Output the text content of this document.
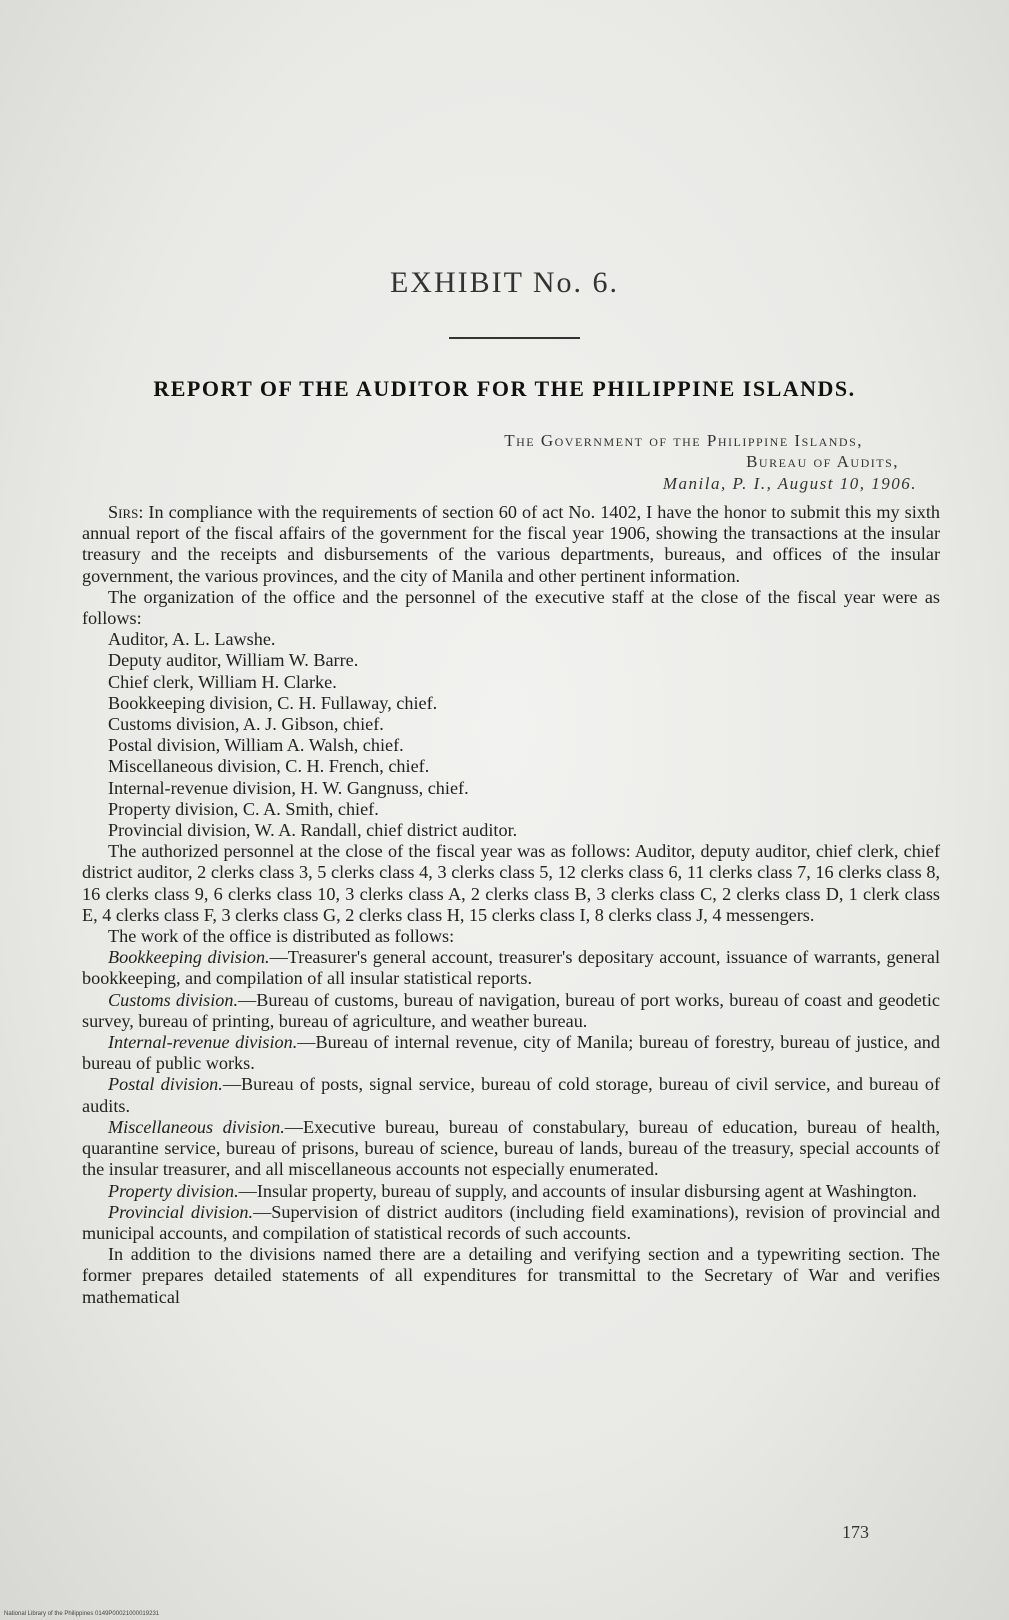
EXHIBIT No. 6.
REPORT OF THE AUDITOR FOR THE PHILIPPINE ISLANDS.
The Government of the Philippine Islands,
Bureau of Audits,
Manila, P. I., August 10, 1906.

Sirs: In compliance with the requirements of section 60 of act No. 1402, I have the honor to submit this my sixth annual report of the fiscal affairs of the government for the fiscal year 1906, showing the transactions at the insular treasury and the receipts and disbursements of the various departments, bureaus, and offices of the insular government, the various provinces, and the city of Manila and other pertinent information.

The organization of the office and the personnel of the executive staff at the close of the fiscal year were as follows:

Auditor, A. L. Lawshe.
Deputy auditor, William W. Barre.
Chief clerk, William H. Clarke.
Bookkeeping division, C. H. Fullaway, chief.
Customs division, A. J. Gibson, chief.
Postal division, William A. Walsh, chief.
Miscellaneous division, C. H. French, chief.
Internal-revenue division, H. W. Gangnuss, chief.
Property division, C. A. Smith, chief.
Provincial division, W. A. Randall, chief district auditor.

The authorized personnel at the close of the fiscal year was as follows: Auditor, deputy auditor, chief clerk, chief district auditor, 2 clerks class 3, 5 clerks class 4, 3 clerks class 5, 12 clerks class 6, 11 clerks class 7, 16 clerks class 8, 16 clerks class 9, 6 clerks class 10, 3 clerks class A, 2 clerks class B, 3 clerks class C, 2 clerks class D, 1 clerk class E, 4 clerks class F, 3 clerks class G, 2 clerks class H, 15 clerks class I, 8 clerks class J, 4 messengers.

The work of the office is distributed as follows:

Bookkeeping division.—Treasurer's general account, treasurer's depositary account, issuance of warrants, general bookkeeping, and compilation of all insular statistical reports.

Customs division.—Bureau of customs, bureau of navigation, bureau of port works, bureau of coast and geodetic survey, bureau of printing, bureau of agriculture, and weather bureau.

Internal-revenue division.—Bureau of internal revenue, city of Manila; bureau of forestry, bureau of justice, and bureau of public works.

Postal division.—Bureau of posts, signal service, bureau of cold storage, bureau of civil service, and bureau of audits.

Miscellaneous division.—Executive bureau, bureau of constabulary, bureau of education, bureau of health, quarantine service, bureau of prisons, bureau of science, bureau of lands, bureau of the treasury, special accounts of the insular treasurer, and all miscellaneous accounts not especially enumerated.

Property division.—Insular property, bureau of supply, and accounts of insular disbursing agent at Washington.

Provincial division.—Supervision of district auditors (including field examinations), revision of provincial and municipal accounts, and compilation of statistical records of such accounts.

In addition to the divisions named there are a detailing and verifying section and a typewriting section. The former prepares detailed statements of all expenditures for transmittal to the Secretary of War and verifies mathematical

173
National Library of the Philippines 0149P00021000019231
